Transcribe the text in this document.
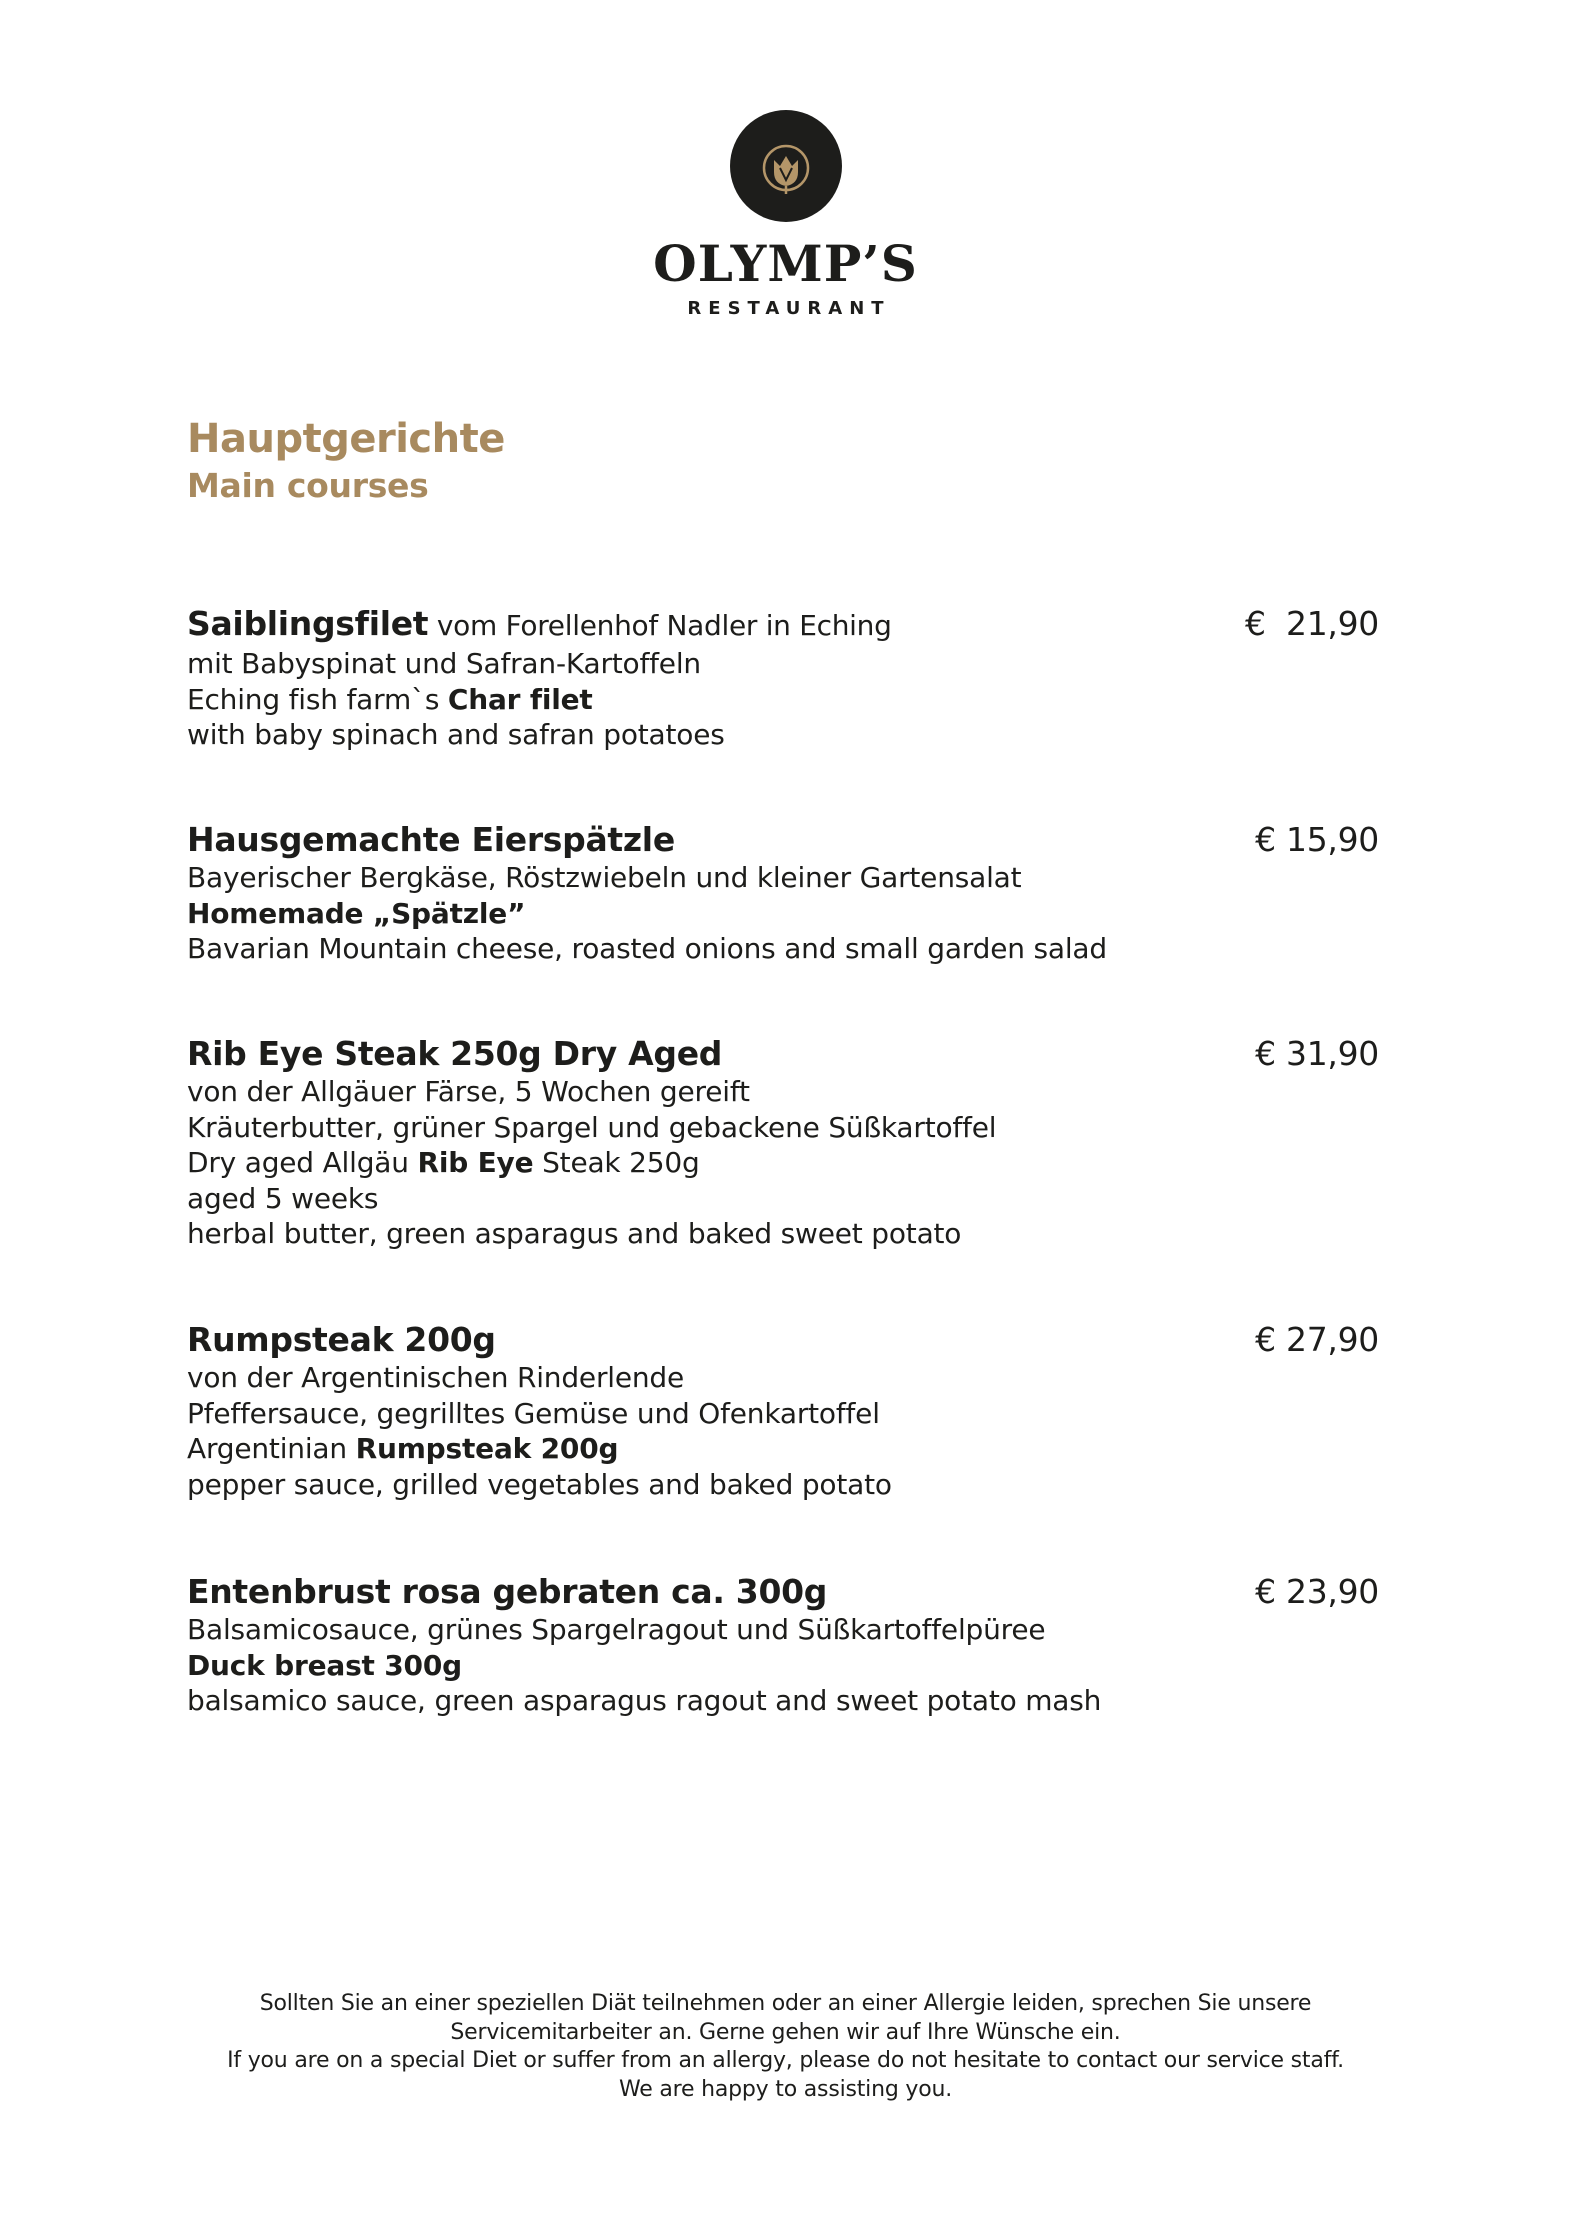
OLYMP’S
RESTAURANT
Hauptgerichte
Main courses
Saiblingsfilet vom Forellenhof Nadler in Eching	€  21,90
mit Babyspinat und Safran-Kartoffeln
Eching fish farm`s Char filet
with baby spinach and safran potatoes
Hausgemachte Eierspätzle	€ 15,90
Bayerischer Bergkäse, Röstzwiebeln und kleiner Gartensalat
Homemade „Spätzle”
Bavarian Mountain cheese, roasted onions and small garden salad
Rib Eye Steak 250g Dry Aged	€ 31,90
von der Allgäuer Färse, 5 Wochen gereift
Kräuterbutter, grüner Spargel und gebackene Süßkartoffel
Dry aged Allgäu Rib Eye Steak 250g
aged 5 weeks
herbal butter, green asparagus and baked sweet potato
Rumpsteak 200g	€ 27,90
von der Argentinischen Rinderlende
Pfeffersauce, gegrilltes Gemüse und Ofenkartoffel
Argentinian Rumpsteak 200g
pepper sauce, grilled vegetables and baked potato
Entenbrust rosa gebraten ca. 300g	€ 23,90
Balsamicosauce, grünes Spargelragout und Süßkartoffelpüree
Duck breast 300g
balsamico sauce, green asparagus ragout and sweet potato mash
Sollten Sie an einer speziellen Diät teilnehmen oder an einer Allergie leiden, sprechen Sie unsere
Servicemitarbeiter an. Gerne gehen wir auf Ihre Wünsche ein.
If you are on a special Diet or suffer from an allergy, please do not hesitate to contact our service staff.
We are happy to assisting you.
